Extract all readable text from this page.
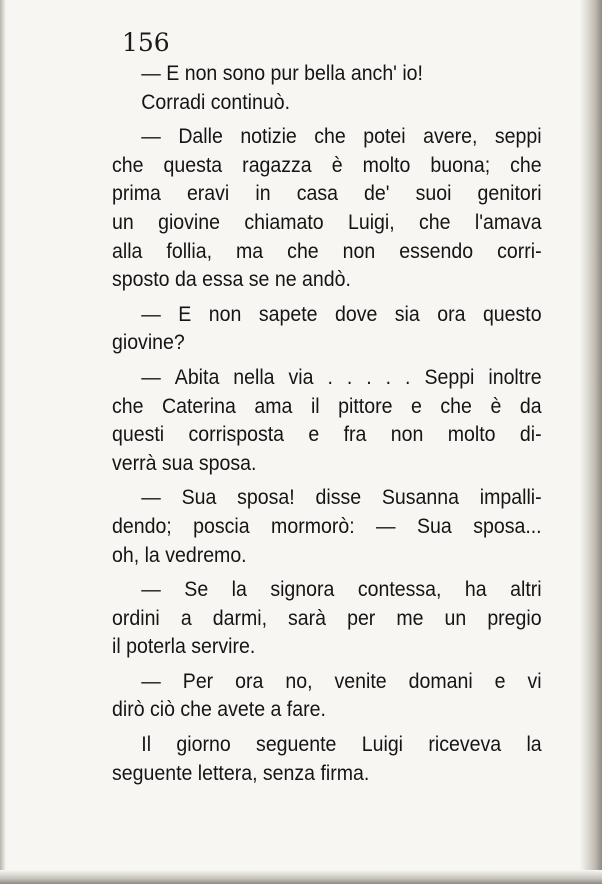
156
  — E non sono pur bella anch' io!
  Corradi continuò.
  — Dalle notizie che potei avere, seppi
che questa ragazza è molto buona; che
prima eravi in casa de' suoi genitori
un giovine chiamato Luigi, che l'amava
alla follia, ma che non essendo corri-
sposto da essa se ne andò.
  — E non sapete dove sia ora questo
giovine?
  — Abita nella via . . . . . Seppi inoltre
che Caterina ama il pittore e che è da
questi corrisposta e fra non molto di-
verrà sua sposa.
  — Sua sposa! disse Susanna impalli-
dendo; poscia mormorò: — Sua sposa...
oh, la vedremo.
  — Se la signora contessa, ha altri
ordini a darmi, sarà per me un pregio
il poterla servire.
  — Per ora no, venite domani e vi
dirò ciò che avete a fare.
  Il giorno seguente Luigi riceveva la
seguente lettera, senza firma.
